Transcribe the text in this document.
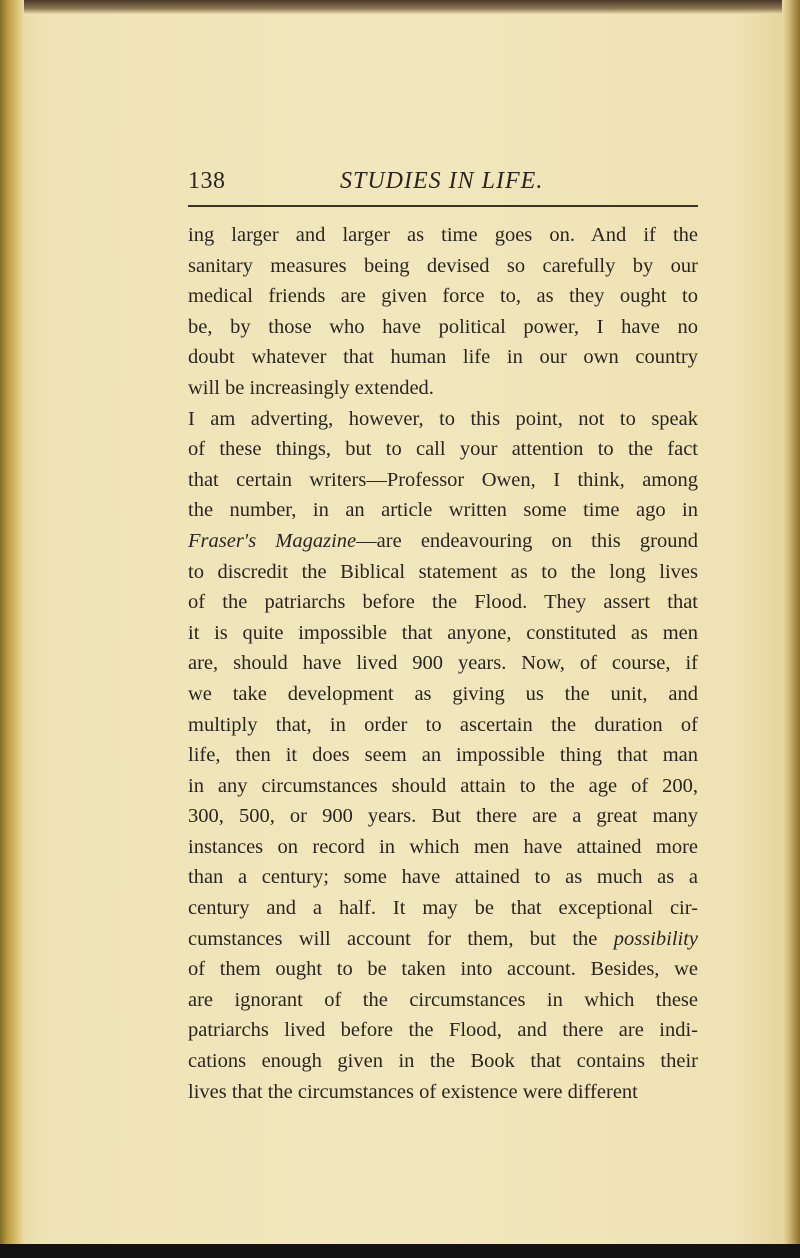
138	STUDIES IN LIFE.
ing larger and larger as time goes on. And if the
sanitary measures being devised so carefully by our
medical friends are given force to, as they ought to
be, by those who have political power, I have no
doubt whatever that human life in our own country
will be increasingly extended.
I am adverting, however, to this point, not to speak
of these things, but to call your attention to the fact
that certain writers—Professor Owen, I think, among
the number, in an article written some time ago in
Fraser's Magazine—are endeavouring on this ground
to discredit the Biblical statement as to the long lives
of the patriarchs before the Flood. They assert that
it is quite impossible that anyone, constituted as men
are, should have lived 900 years. Now, of course, if
we take development as giving us the unit, and
multiply that, in order to ascertain the duration of
life, then it does seem an impossible thing that man
in any circumstances should attain to the age of 200,
300, 500, or 900 years. But there are a great many
instances on record in which men have attained more
than a century; some have attained to as much as a
century and a half. It may be that exceptional cir-
cumstances will account for them, but the possibility
of them ought to be taken into account. Besides, we
are ignorant of the circumstances in which these
patriarchs lived before the Flood, and there are indi-
cations enough given in the Book that contains their
lives that the circumstances of existence were different
